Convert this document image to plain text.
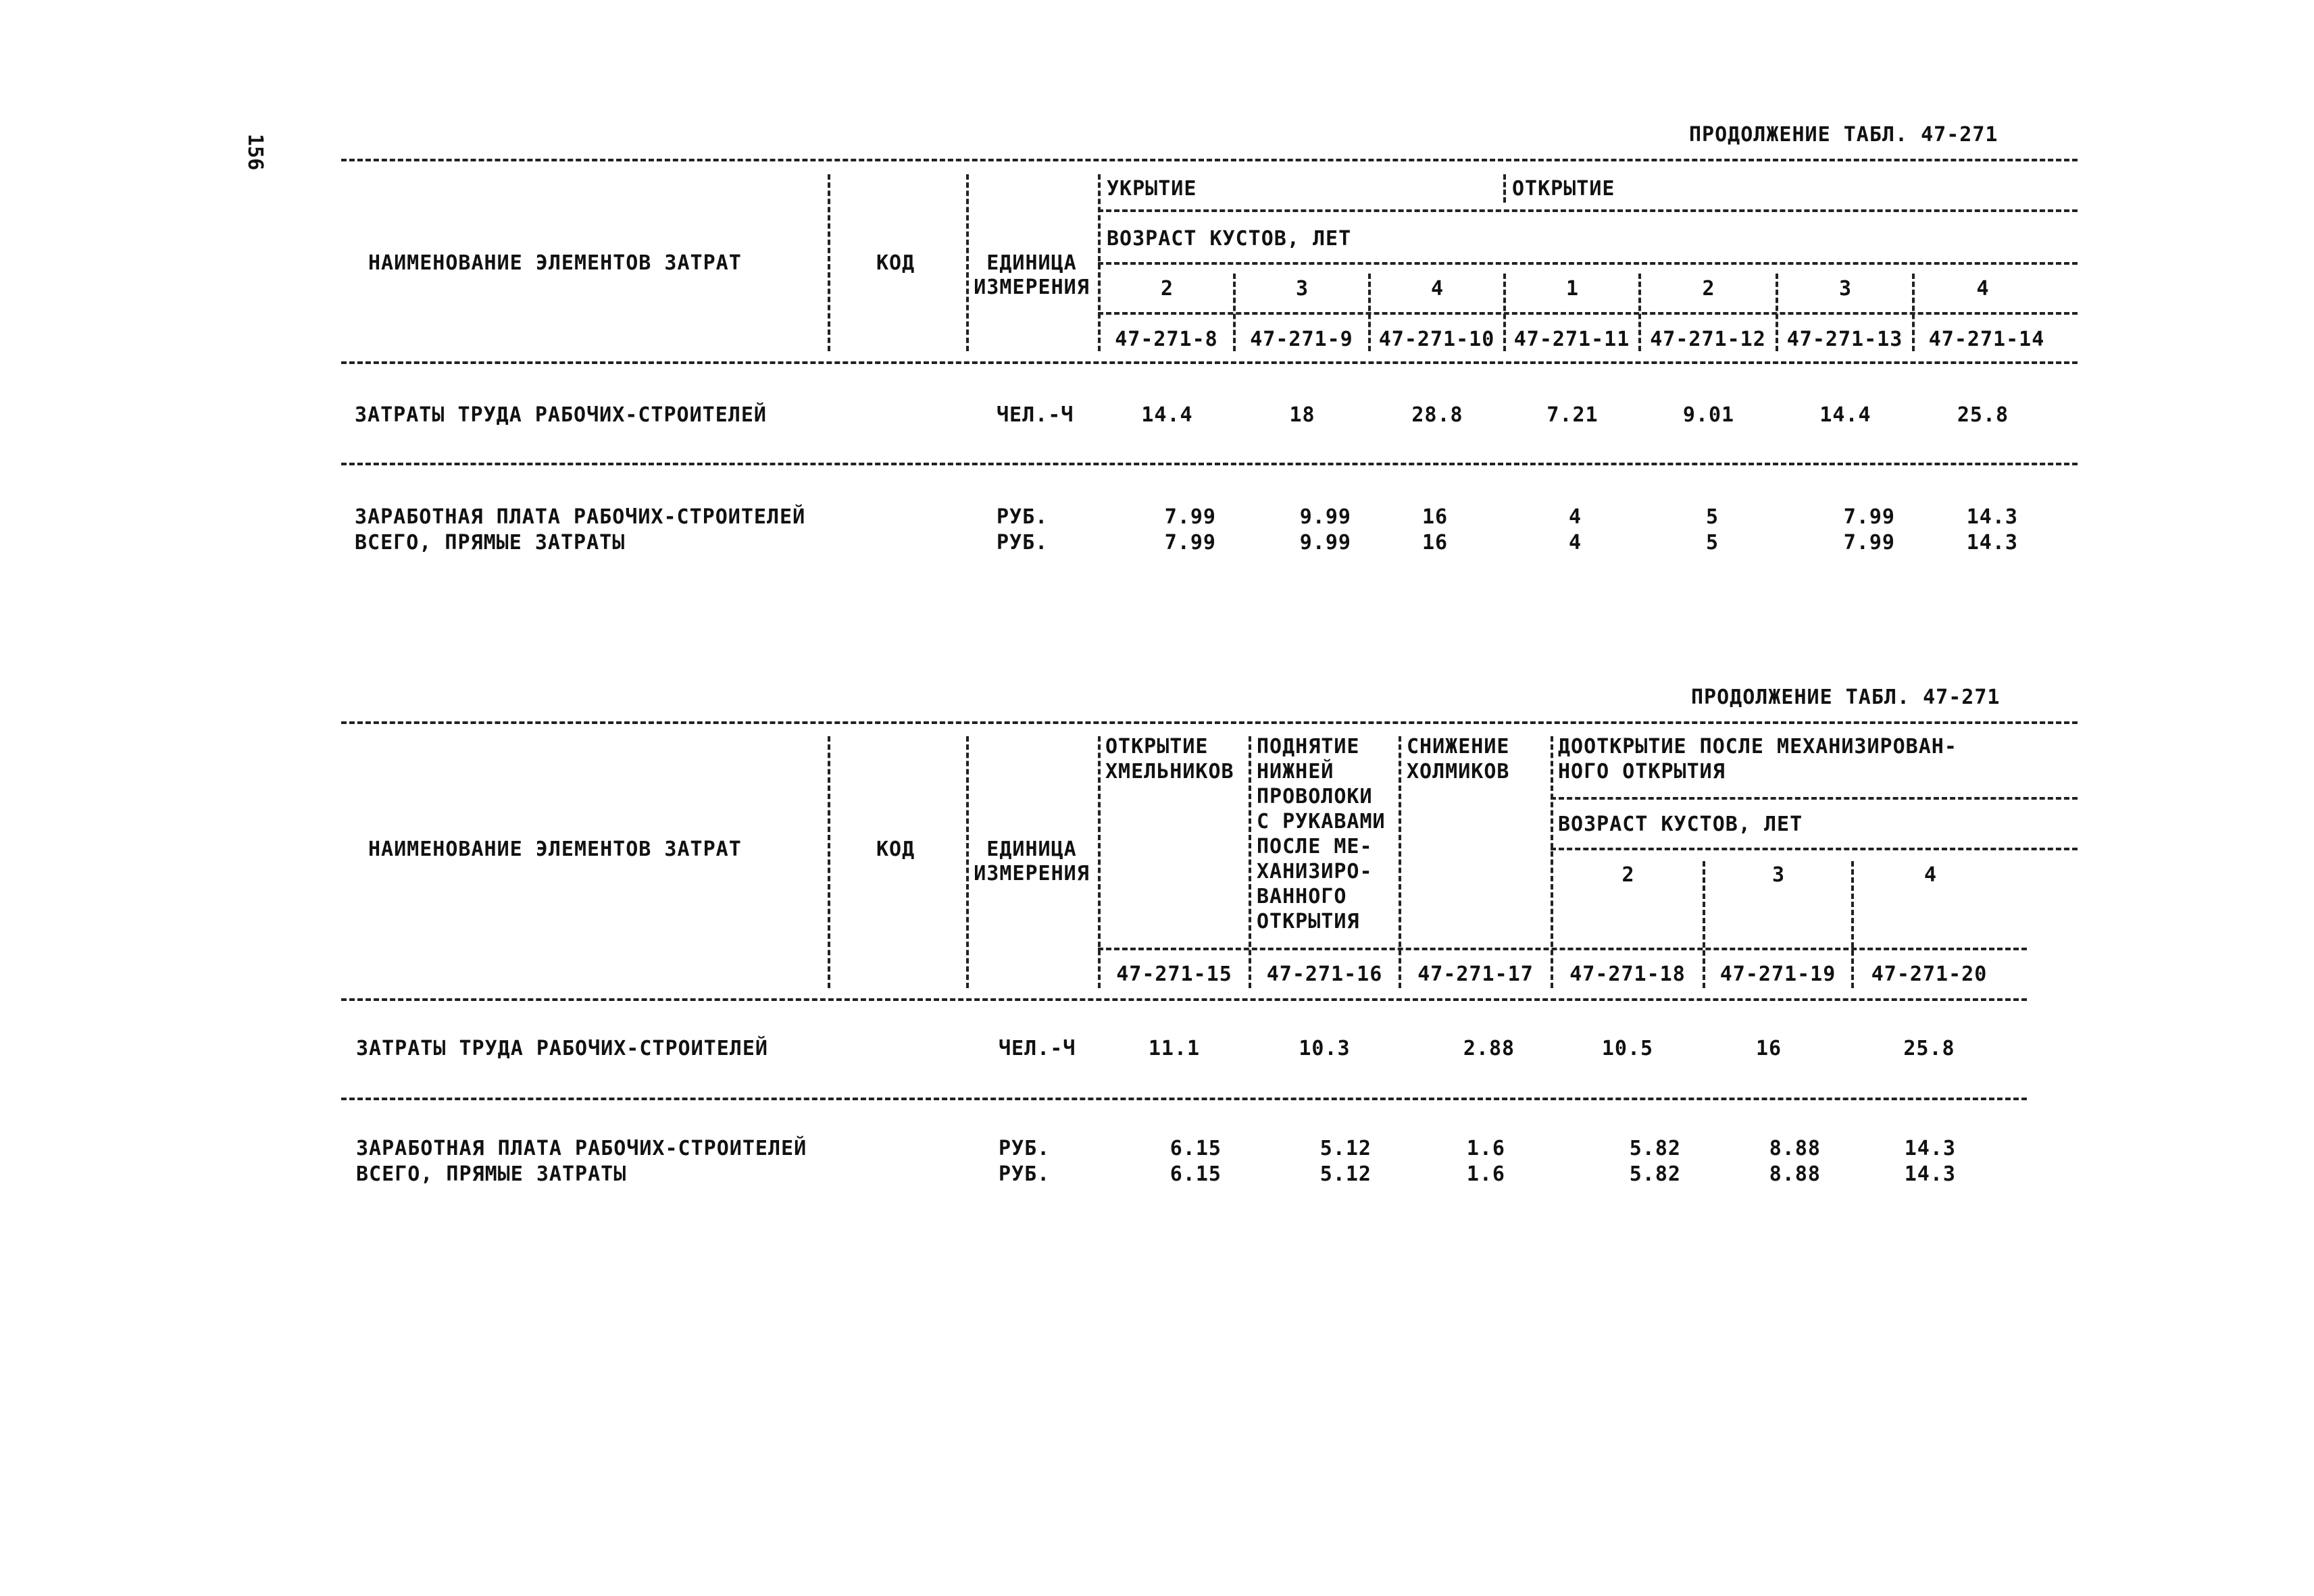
156	ПРОДОЛЖЕНИЕ ТАБЛ. 47-271
НАИМЕНОВАНИЕ ЭЛЕМЕНТОВ ЗАТРАТ	КОД	ЕДИНИЦА
ИЗМЕРЕНИЯ
УКРЫТИЕ	ОТКРЫТИЕ
ВОЗРАСТ КУСТОВ, ЛЕТ
2	3	4	1	2	3	4
47-271-8	47-271-9	47-271-10 47-271-11 47-271-12	47-271-13	47-271-14
ЗАТРАТЫ ТРУДА РАБОЧИХ-СТРОИТЕЛЕЙ	ЧЕЛ.-Ч	14.4	18	28.8	7.21	9.01	14.4	25.8
ЗАРАБОТНАЯ ПЛАТА РАБОЧИХ-СТРОИТЕЛЕЙ	РУБ.	7.99	9.99	16	4	5	7.99	14.3
ВСЕГО, ПРЯМЫЕ ЗАТРАТЫ	РУБ.	7.99	9.99	16	4	5	7.99	14.3
ПРОДОЛЖЕНИЕ ТАБЛ. 47-271
НАИМЕНОВАНИЕ ЭЛЕМЕНТОВ ЗАТРАТ	КОД	ЕДИНИЦА
ИЗМЕРЕНИЯ
ОТКРЫТИЕ
ХМЕЛЬНИКОВ
ПОДНЯТИЕ
НИЖНЕЙ
ПРОВОЛОКИ
С РУКАВАМИ
ПОСЛЕ МЕ-
ХАНИЗИРО-
ВАННОГО
ОТКРЫТИЯ
СНИЖЕНИЕ
ХОЛМИКОВ
ДООТКРЫТИЕ ПОСЛЕ МЕХАНИЗИРОВАН-
НОГО ОТКРЫТИЯ
ВОЗРАСТ КУСТОВ, ЛЕТ
2	3	4
47-271-15	47-271-16	47-271-17	47-271-18	47-271-19	47-271-20
ЗАТРАТЫ ТРУДА РАБОЧИХ-СТРОИТЕЛЕЙ	ЧЕЛ.-Ч	11.1	10.3	2.88	10.5	16	25.8
ЗАРАБОТНАЯ ПЛАТА РАБОЧИХ-СТРОИТЕЛЕЙ	РУБ.	6.15	5.12	1.6	5.82	8.88	14.3
ВСЕГО, ПРЯМЫЕ ЗАТРАТЫ	РУБ.	6.15	5.12	1.6	5.82	8.88	14.3
